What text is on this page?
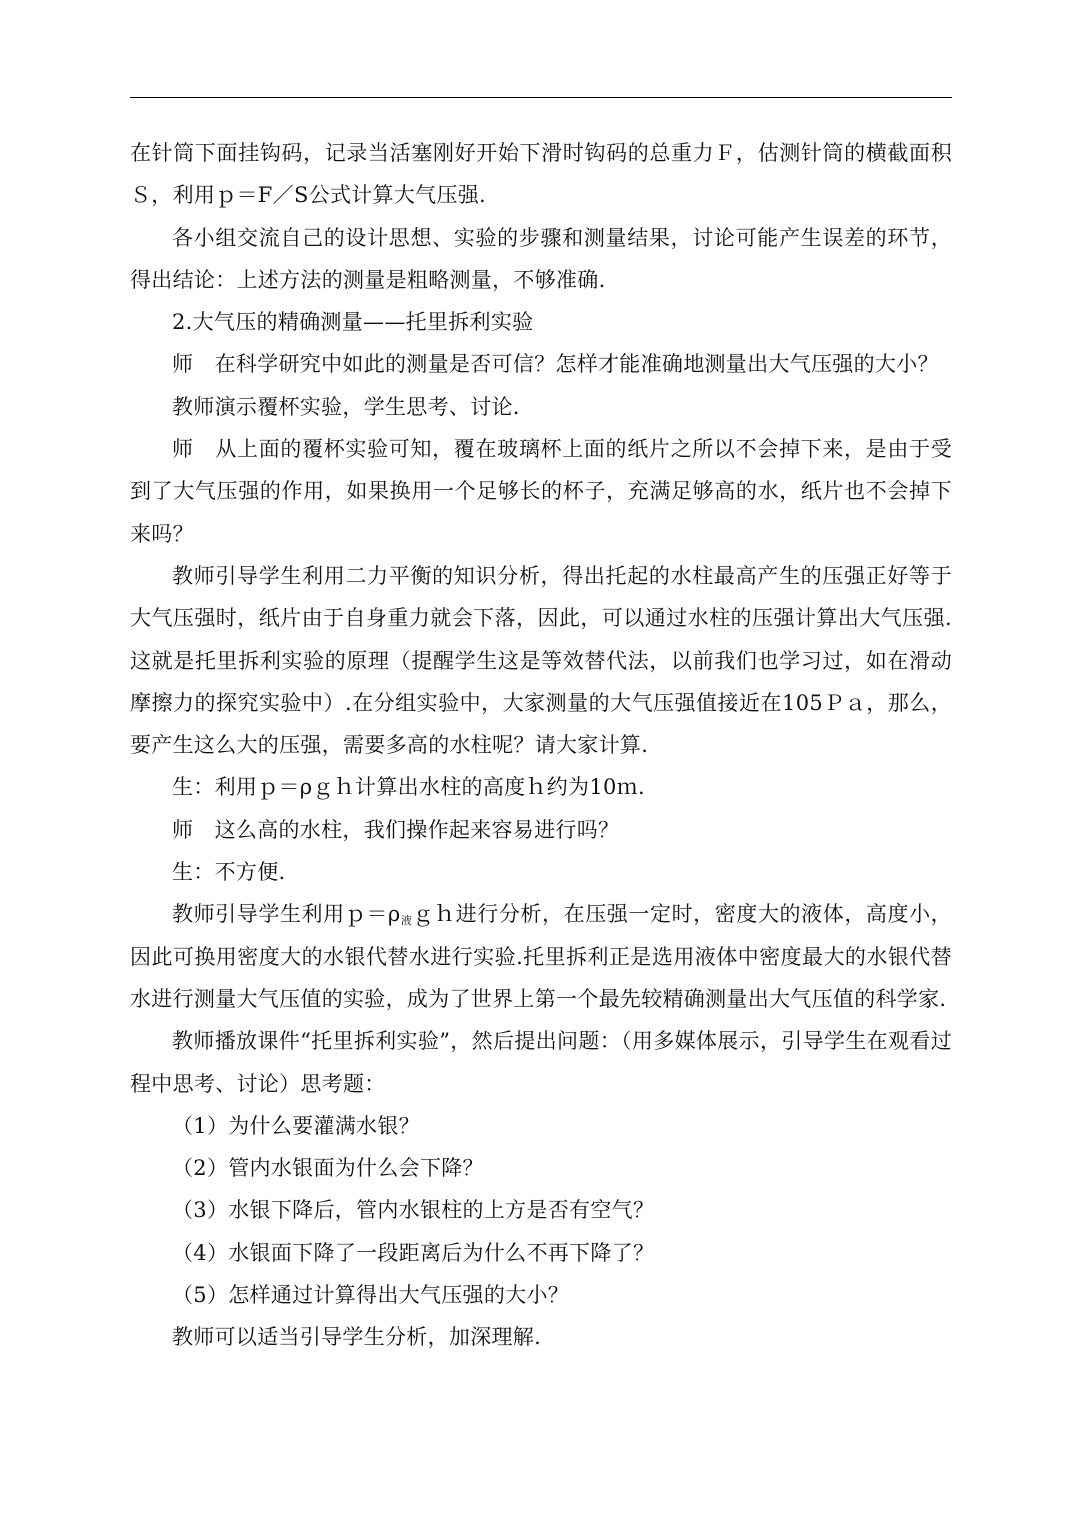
在针筒下面挂钩码，记录当活塞刚好开始下滑时钩码的总重力Ｆ，估测针筒的横截面积Ｓ，利用ｐ＝F／S公式计算大气压强.

各小组交流自己的设计思想、实验的步骤和测量结果，讨论可能产生误差的环节，得出结论：上述方法的测量是粗略测量，不够准确.

2.大气压的精确测量——托里拆利实验

师　在科学研究中如此的测量是否可信？怎样才能准确地测量出大气压强的大小？

教师演示覆杯实验，学生思考、讨论.

师　从上面的覆杯实验可知，覆在玻璃杯上面的纸片之所以不会掉下来，是由于受到了大气压强的作用，如果换用一个足够长的杯子，充满足够高的水，纸片也不会掉下来吗？

教师引导学生利用二力平衡的知识分析，得出托起的水柱最高产生的压强正好等于大气压强时，纸片由于自身重力就会下落，因此，可以通过水柱的压强计算出大气压强.这就是托里拆利实验的原理（提醒学生这是等效替代法，以前我们也学习过，如在滑动摩擦力的探究实验中）.在分组实验中，大家测量的大气压强值接近在105Ｐａ，那么，要产生这么大的压强，需要多高的水柱呢？请大家计算.

生：利用ｐ＝ρｇｈ计算出水柱的高度ｈ约为10ｍ.

师　这么高的水柱，我们操作起来容易进行吗？

生：不方便.

教师引导学生利用$p=\rho_液gh$进行分析，在压强一定时，密度大的液体，高度小，因此可换用密度大的水银代替水进行实验.托里拆利正是选用液体中密度最大的水银代替水进行测量大气压值的实验，成为了世界上第一个最先较精确测量出大气压值的科学家.

教师播放课件“托里拆利实验”，然后提出问题：（用多媒体展示，引导学生在观看过程中思考、讨论）思考题：

（1）为什么要灌满水银？

（2）管内水银面为什么会下降？

（3）水银下降后，管内水银柱的上方是否有空气？

（4）水银面下降了一段距离后为什么不再下降了？

（5）怎样通过计算得出大气压强的大小？

教师可以适当引导学生分析，加深理解.
